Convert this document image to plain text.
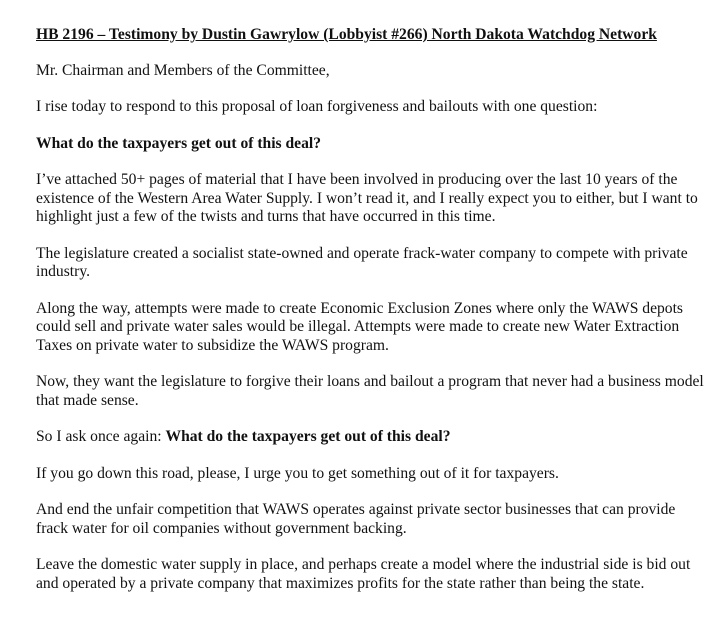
HB 2196 – Testimony by Dustin Gawrylow (Lobbyist #266) North Dakota Watchdog Network

Mr. Chairman and Members of the Committee,

I rise today to respond to this proposal of loan forgiveness and bailouts with one question:

What do the taxpayers get out of this deal?

I’ve attached 50+ pages of material that I have been involved in producing over the last 10 years of the existence of the Western Area Water Supply. I won’t read it, and I really expect you to either, but I want to highlight just a few of the twists and turns that have occurred in this time.

The legislature created a socialist state-owned and operate frack-water company to compete with private industry.

Along the way, attempts were made to create Economic Exclusion Zones where only the WAWS depots could sell and private water sales would be illegal. Attempts were made to create new Water Extraction Taxes on private water to subsidize the WAWS program.

Now, they want the legislature to forgive their loans and bailout a program that never had a business model that made sense.

So I ask once again: What do the taxpayers get out of this deal?

If you go down this road, please, I urge you to get something out of it for taxpayers.

And end the unfair competition that WAWS operates against private sector businesses that can provide frack water for oil companies without government backing.

Leave the domestic water supply in place, and perhaps create a model where the industrial side is bid out and operated by a private company that maximizes profits for the state rather than being the state.
